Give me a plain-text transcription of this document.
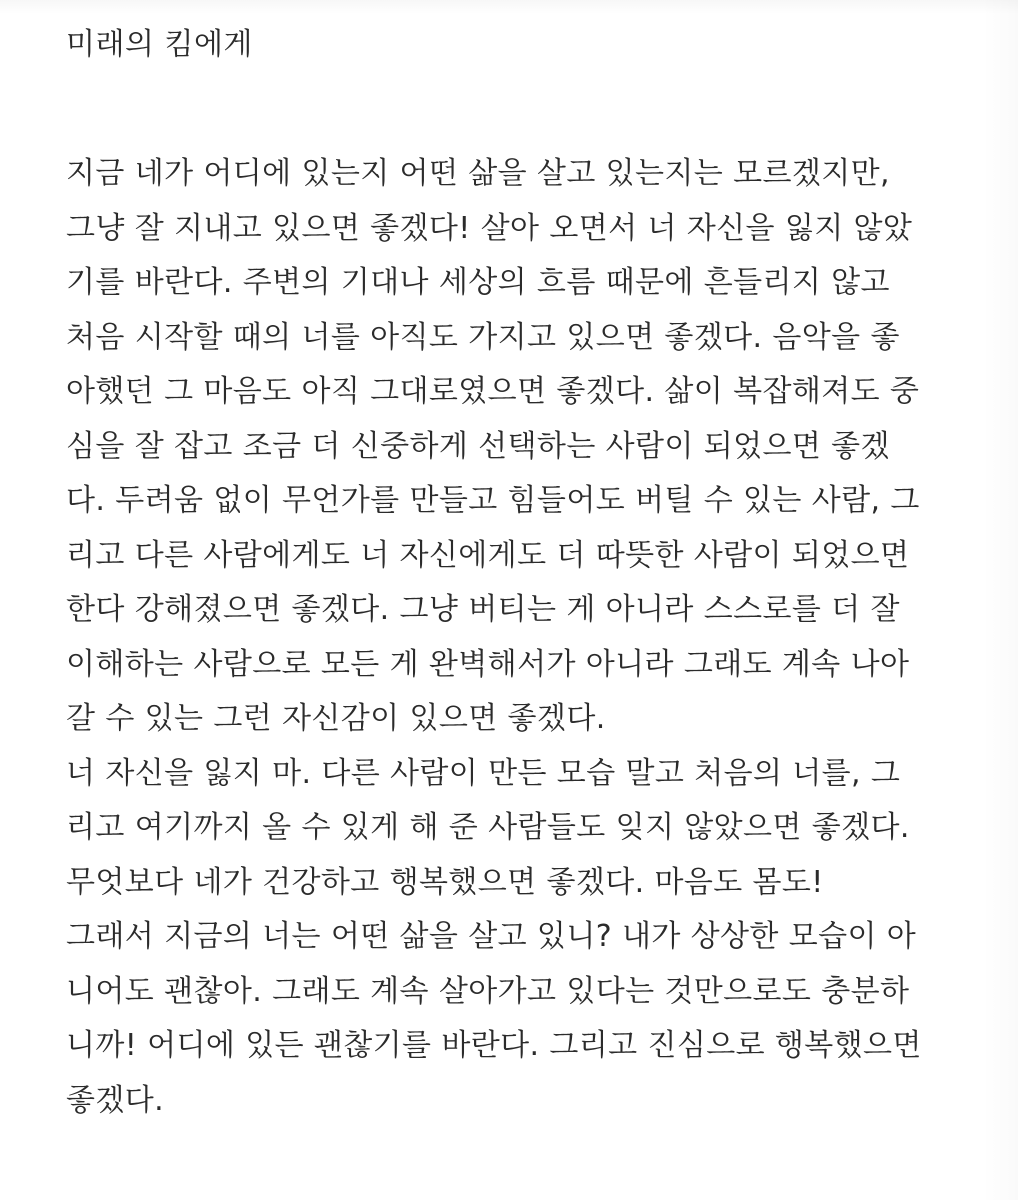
미래의 킴에게

지금 네가 어디에 있는지 어떤 삶을 살고 있는지는 모르겠지만,

그냥 잘 지내고 있으면 좋겠다! 살아 오면서 너 자신을 잃지 않았

기를 바란다. 주변의 기대나 세상의 흐름 때문에 흔들리지 않고

처음 시작할 때의 너를 아직도 가지고 있으면 좋겠다. 음악을 좋

아했던 그 마음도 아직 그대로였으면 좋겠다. 삶이 복잡해져도 중

심을 잘 잡고 조금 더 신중하게 선택하는 사람이 되었으면 좋겠

다. 두려움 없이 무언가를 만들고 힘들어도 버틸 수 있는 사람, 그

리고 다른 사람에게도 너 자신에게도 더 따뜻한 사람이 되었으면

한다 강해졌으면 좋겠다. 그냥 버티는 게 아니라 스스로를 더 잘

이해하는 사람으로 모든 게 완벽해서가 아니라 그래도 계속 나아

갈 수 있는 그런 자신감이 있으면 좋겠다.

너 자신을 잃지 마. 다른 사람이 만든 모습 말고 처음의 너를, 그

리고 여기까지 올 수 있게 해 준 사람들도 잊지 않았으면 좋겠다.

무엇보다 네가 건강하고 행복했으면 좋겠다. 마음도 몸도!

그래서 지금의 너는 어떤 삶을 살고 있니? 내가 상상한 모습이 아

니어도 괜찮아. 그래도 계속 살아가고 있다는 것만으로도 충분하

니까! 어디에 있든 괜찮기를 바란다. 그리고 진심으로 행복했으면

좋겠다.
